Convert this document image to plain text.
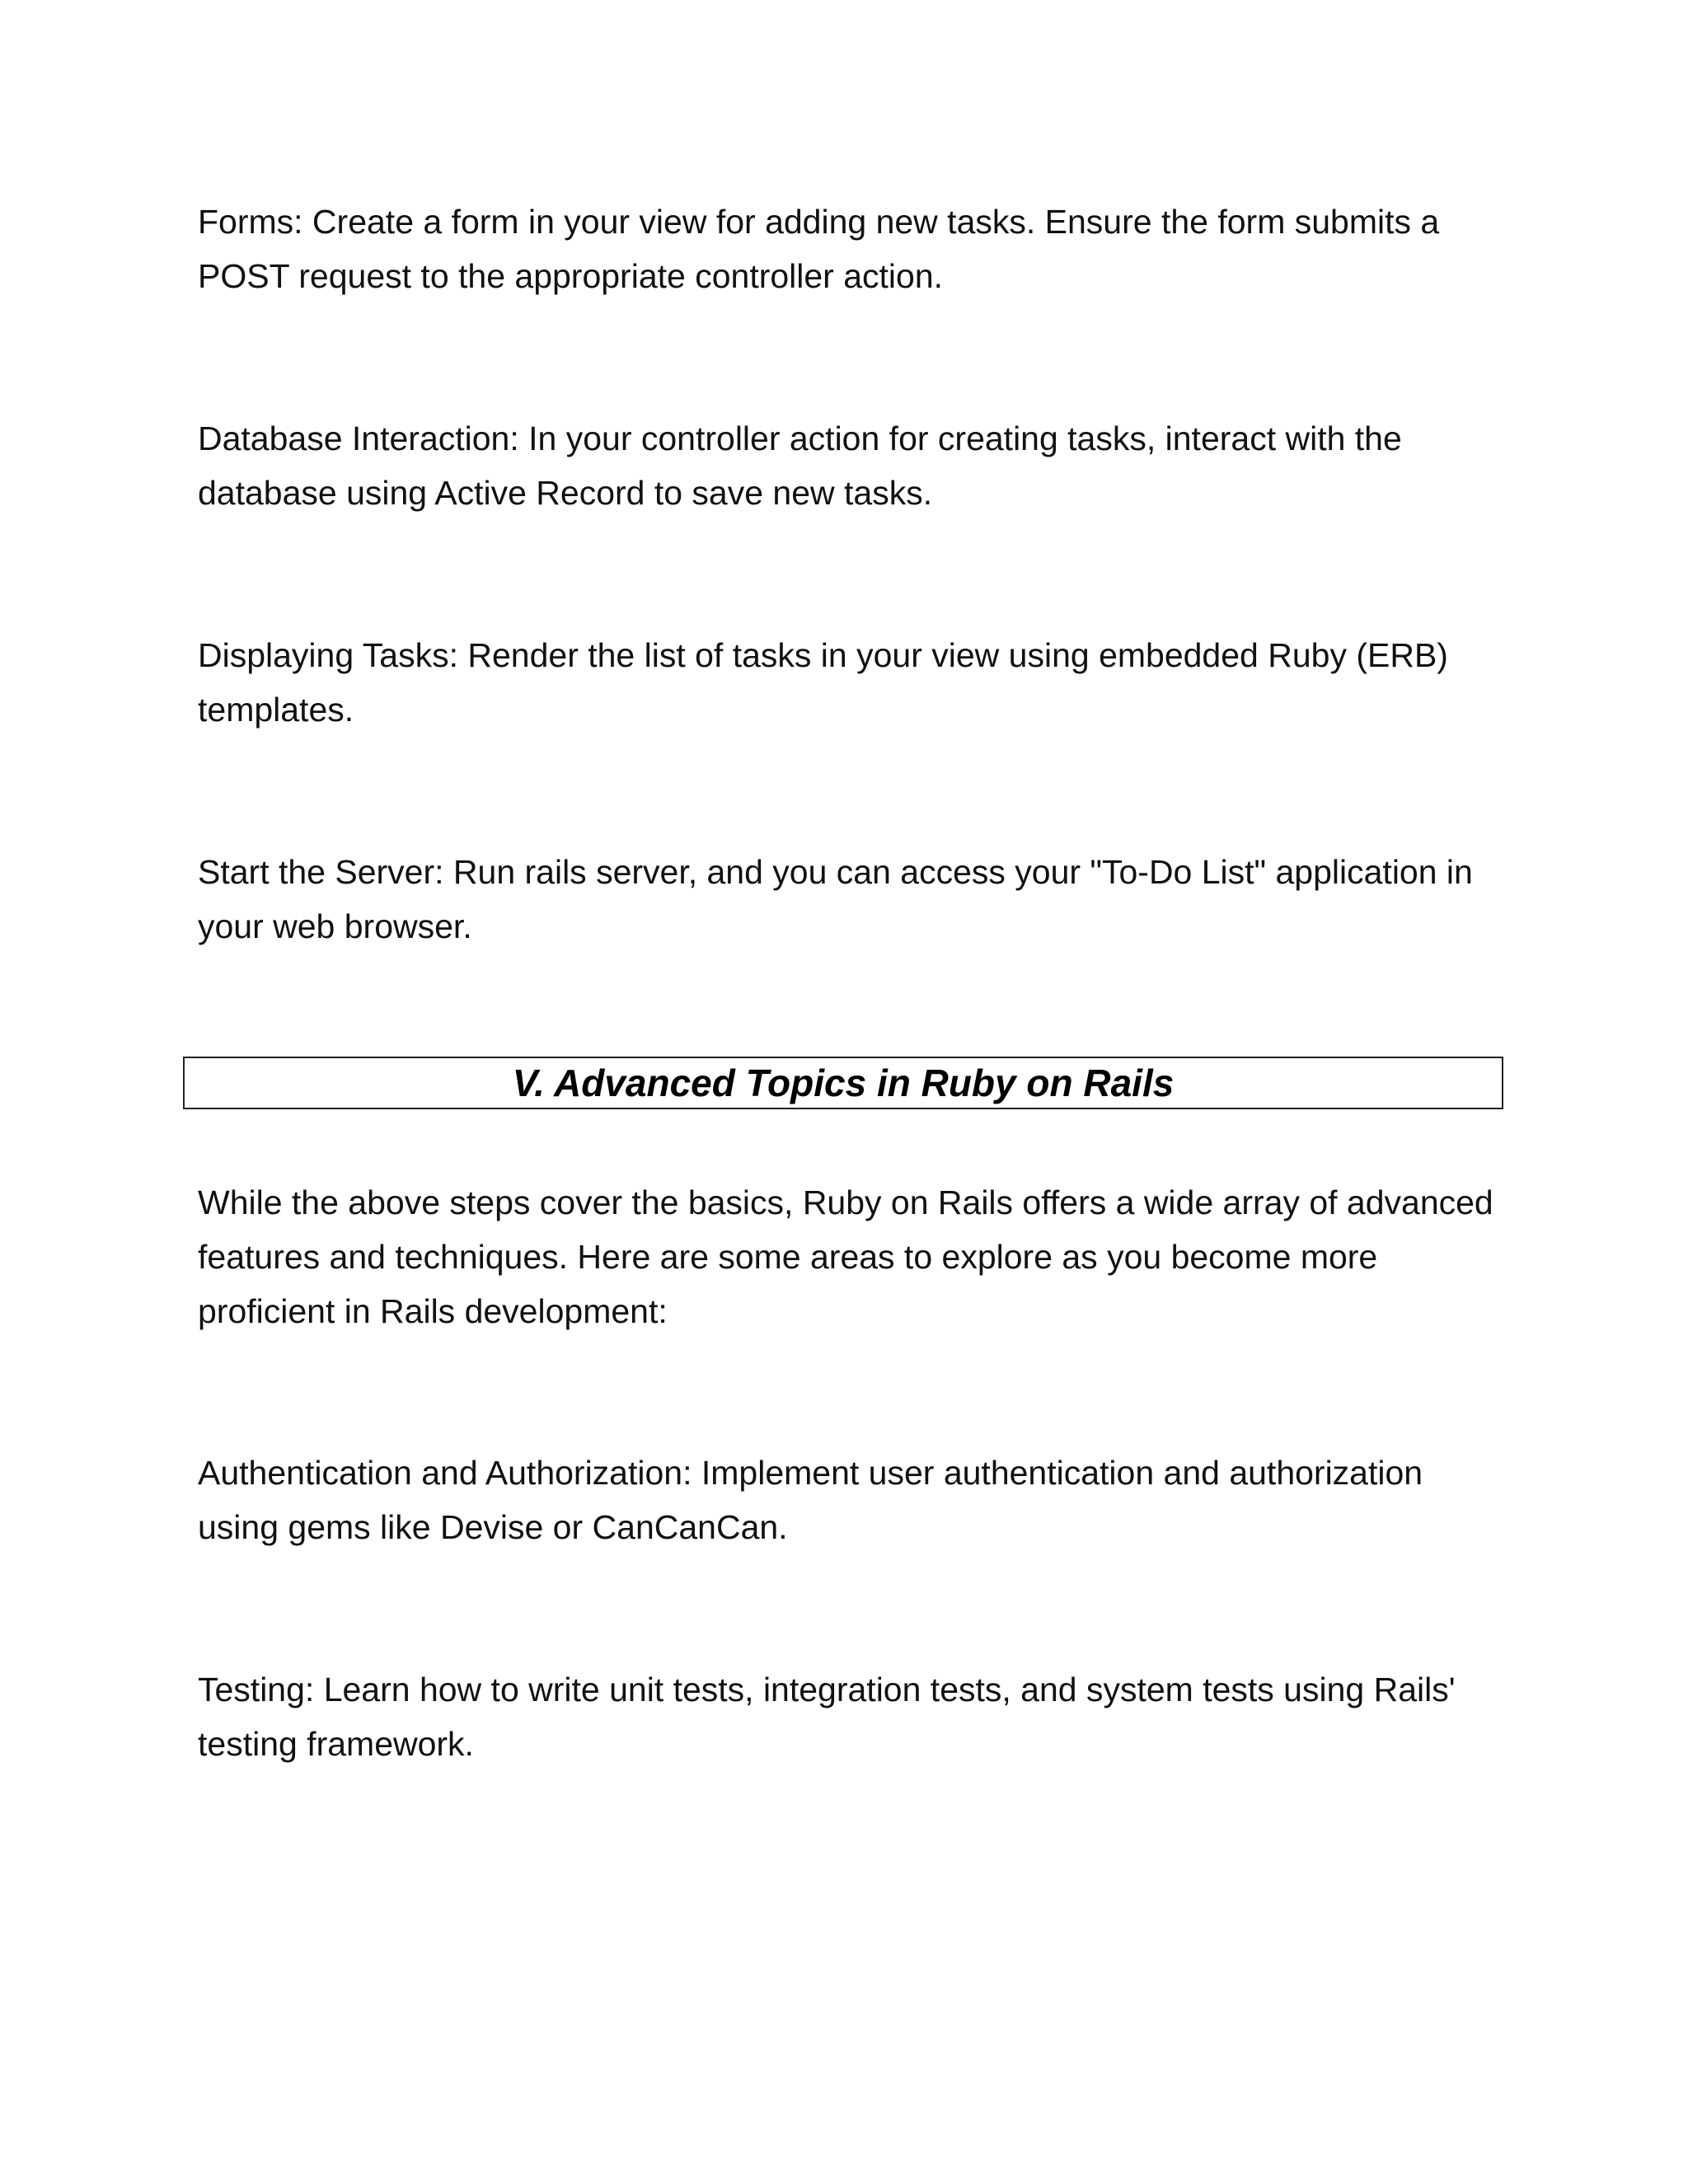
Forms: Create a form in your view for adding new tasks. Ensure the form submits a POST request to the appropriate controller action.

Database Interaction: In your controller action for creating tasks, interact with the database using Active Record to save new tasks.

Displaying Tasks: Render the list of tasks in your view using embedded Ruby (ERB) templates.

Start the Server: Run rails server, and you can access your "To-Do List" application in your web browser.

V. Advanced Topics in Ruby on Rails

While the above steps cover the basics, Ruby on Rails offers a wide array of advanced features and techniques. Here are some areas to explore as you become more proficient in Rails development:

Authentication and Authorization: Implement user authentication and authorization using gems like Devise or CanCanCan.

Testing: Learn how to write unit tests, integration tests, and system tests using Rails' testing framework.
